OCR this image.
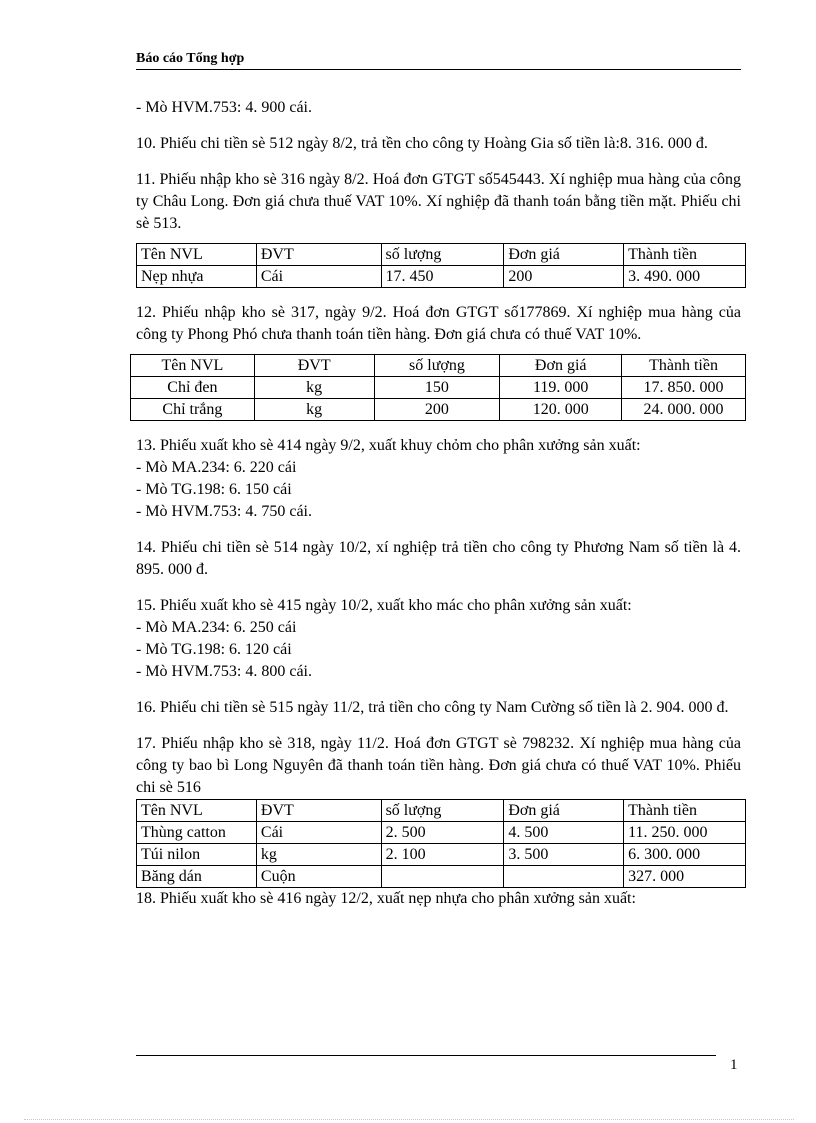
Báo cáo Tổng hợp

- Mò HVM.753: 4. 900 cái.

10. Phiếu chi tiền sè 512 ngày 8/2, trả tền cho công ty Hoàng Gia số tiền là:8. 316. 000 đ.

11. Phiếu nhập kho sè 316 ngày 8/2. Hoá đơn GTGT số545443. Xí nghiệp mua hàng của công ty Châu Long. Đơn giá chưa thuế VAT 10%. Xí nghiệp đã thanh toán bằng tiền mặt. Phiếu chi sè 513.

Tên NVL	ĐVT	số lượng	Đơn giá	Thành tiền
Nẹp nhựa	Cái	17. 450	200	3. 490. 000

12. Phiếu nhập kho sè 317, ngày 9/2. Hoá đơn GTGT số177869. Xí nghiệp mua hàng của công ty Phong Phó chưa thanh toán tiền hàng. Đơn giá chưa có thuế VAT 10%.

Tên NVL	ĐVT	số lượng	Đơn giá	Thành tiền
Chỉ đen	kg	150	119. 000	17. 850. 000
Chỉ trắng	kg	200	120. 000	24. 000. 000

13. Phiếu xuất kho sè 414 ngày 9/2, xuất khuy chỏm cho phân xưởng sản xuất:

- Mò MA.234: 6. 220 cái

- Mò TG.198: 6. 150 cái

- Mò HVM.753: 4. 750 cái.

14. Phiếu chi tiền sè 514 ngày 10/2, xí nghiệp trả tiền cho công ty Phương Nam số tiền là 4. 895. 000 đ.

15. Phiếu xuất kho sè 415 ngày 10/2, xuất kho mác cho phân xưởng sản xuất:

- Mò MA.234: 6. 250 cái

- Mò TG.198: 6. 120 cái

- Mò HVM.753: 4. 800 cái.

16. Phiếu chi tiền sè 515 ngày 11/2, trả tiền cho công ty Nam Cường số tiền là 2. 904. 000 đ.

17. Phiếu nhập kho sè 318, ngày 11/2. Hoá đơn GTGT sè 798232. Xí nghiệp mua hàng của công ty bao bì Long Nguyên đã thanh toán tiền hàng. Đơn giá chưa có thuế VAT 10%. Phiếu chi sè 516

Tên NVL	ĐVT	số lượng	Đơn giá	Thành tiền
Thùng catton	Cái	2. 500	4. 500	11. 250. 000
Túi nilon	kg	2. 100	3. 500	6. 300. 000
Băng dán	Cuộn			327. 000

18. Phiếu xuất kho sè 416 ngày 12/2, xuất nẹp nhựa cho phân xưởng sản xuất:

1
